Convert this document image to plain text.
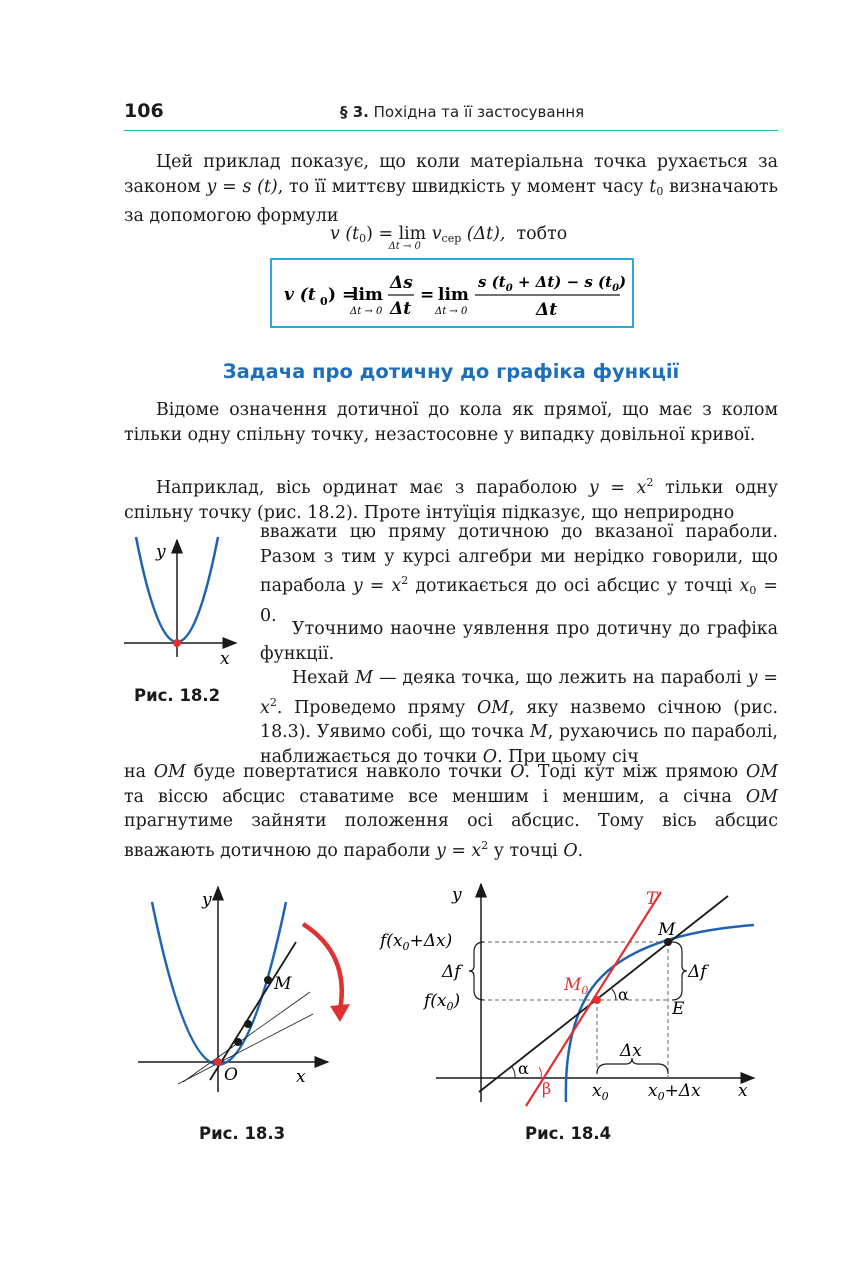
106	§ 3. Похідна та її застосування
Цей приклад показує, що коли матеріальна точка рухається за законом y = s (t), то її миттєву швидкість у момент часу $t_0$ визначають за допомогою формули
v $(t_0) = \lim$
Δt → 0
$v_{сер}$ (Δt), тобто
v (t 0 ) =
lim
Δt → 0
Δs
Δt
= lim
Δt → 0
s $(t_0 + \Delta t) - s$ $(t_0)$
Δt
Задача про дотичну до графіка функції
Відоме означення дотичної до кола як прямої, що має з колом тільки одну спільну точку, незастосовне у випадку довільної кривої.
Наприклад, вісь ординат має з параболою $y = x^2$ тільки одну спільну точку (рис. 18.2). Проте інтуїція підказує, що неприродно
вважати цю пряму дотичною до вказаної параболи. Разом з тим у курсі алгебри ми нерідко говорили, що парабола $y = x^2$ дотикається до осі абсцис у точці $x_0 = 0$.
Уточнимо наочне уявлення про дотичну до графіка функції.
Нехай M — деяка точка, що лежить на параболі $y = x^2$. Проведемо пряму OM, яку назвемо січною (рис. 18.3). Уявимо собі, що точка M, рухаючись по параболі, наближається до точки O. При цьому січ
на OM буде повертатися навколо точки O. Тоді кут між прямою OM та віссю абсцис ставатиме все меншим і меншим, а січна OM прагнутиме зайняти положення осі абсцис. Тому вісь абсцис вважають дотичною до параболи $y = x^2$ у точці O.
y
x
Рис. 18.2
y
x
M
O
Рис. 18.3
y
x
T
M
$M_0$
E
$f(x_0+\Delta x)$
$f(x_0)$
Δf	Δf
Δx
α
β
α
$x_0$ $x_0+\Delta x$
Рис. 18.4
